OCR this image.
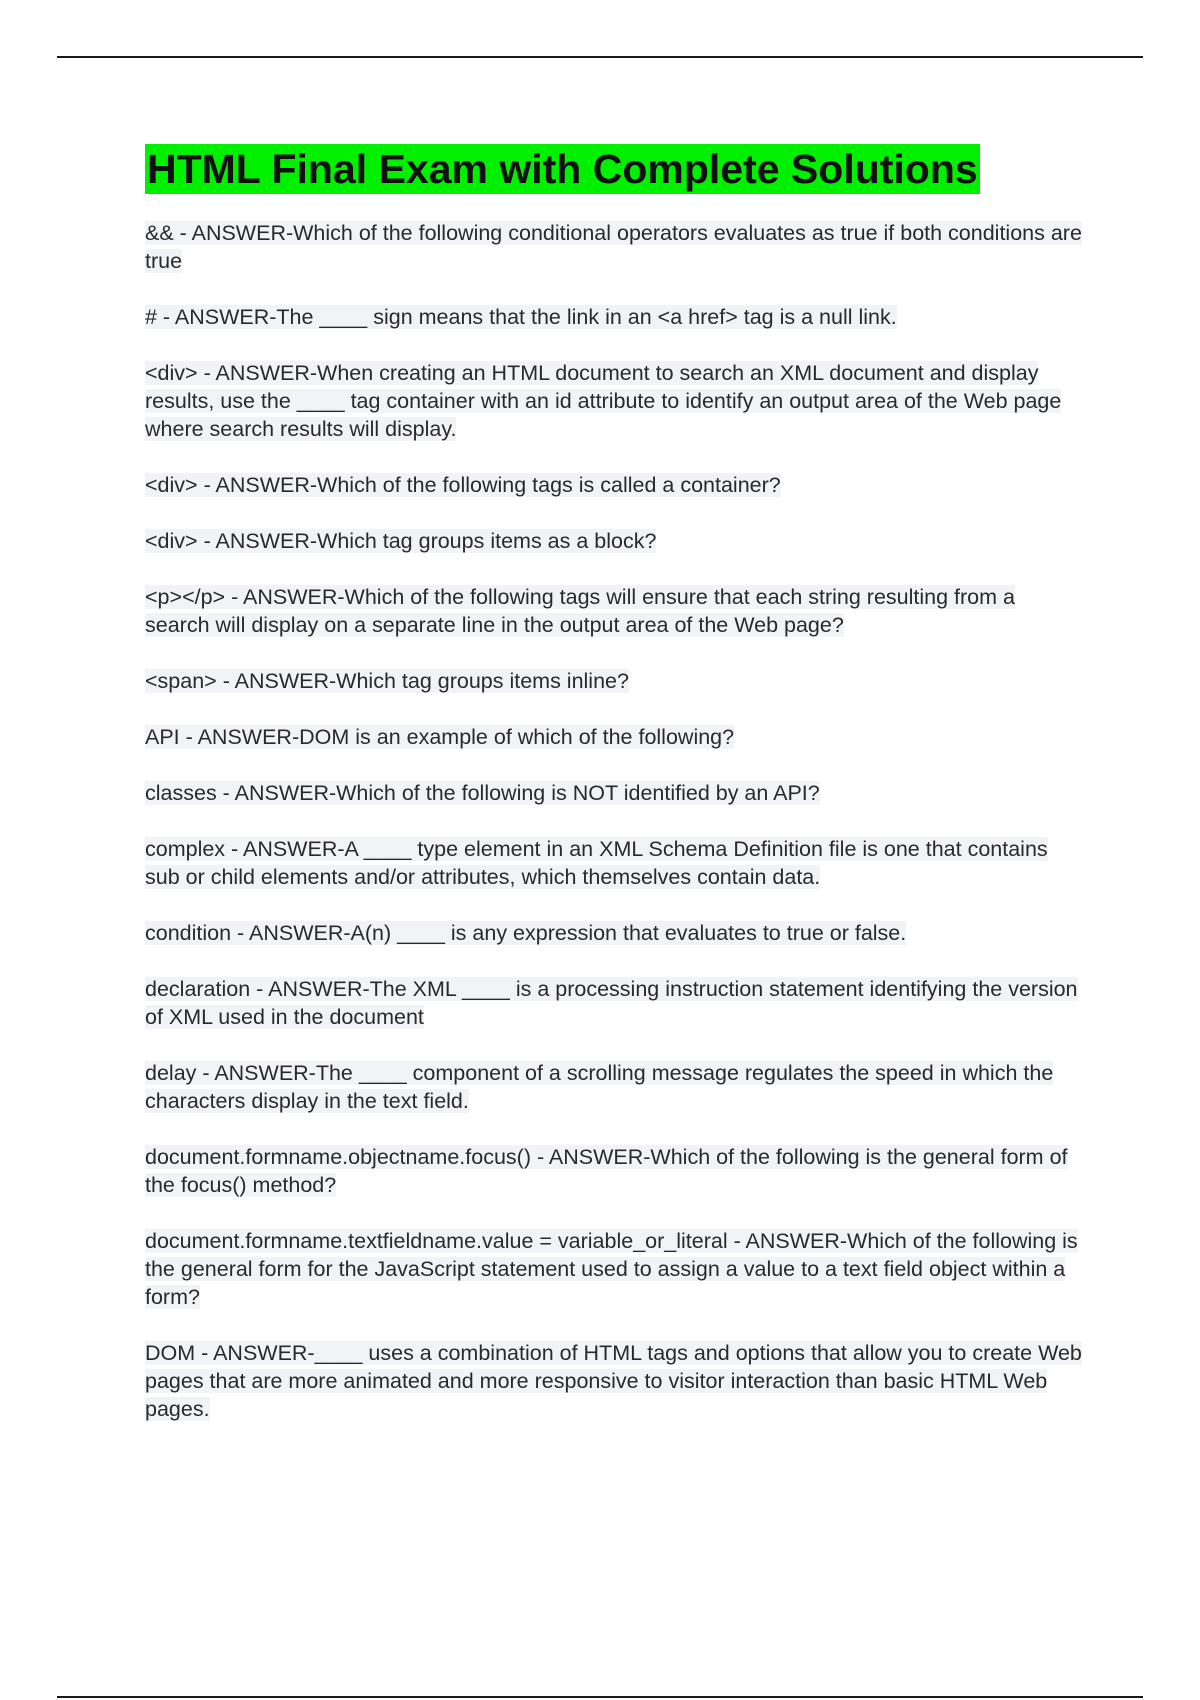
HTML Final Exam with Complete Solutions
&& - ANSWER-Which of the following conditional operators evaluates as true if both conditions are true
# - ANSWER-The ____ sign means that the link in an <a href> tag is a null link.
<div> - ANSWER-When creating an HTML document to search an XML document and display results, use the ____ tag container with an id attribute to identify an output area of the Web page where search results will display.
<div> - ANSWER-Which of the following tags is called a container?
<div> - ANSWER-Which tag groups items as a block?
<p></p> - ANSWER-Which of the following tags will ensure that each string resulting from a search will display on a separate line in the output area of the Web page?
<span> - ANSWER-Which tag groups items inline?
API - ANSWER-DOM is an example of which of the following?
classes - ANSWER-Which of the following is NOT identified by an API?
complex - ANSWER-A ____ type element in an XML Schema Definition file is one that contains sub or child elements and/or attributes, which themselves contain data.
condition - ANSWER-A(n) ____ is any expression that evaluates to true or false.
declaration - ANSWER-The XML ____ is a processing instruction statement identifying the version of XML used in the document
delay - ANSWER-The ____ component of a scrolling message regulates the speed in which the characters display in the text field.
document.formname.objectname.focus() - ANSWER-Which of the following is the general form of the focus() method?
document.formname.textfieldname.value = variable_or_literal - ANSWER-Which of the following is the general form for the JavaScript statement used to assign a value to a text field object within a form?
DOM - ANSWER-____ uses a combination of HTML tags and options that allow you to create Web pages that are more animated and more responsive to visitor interaction than basic HTML Web pages.
